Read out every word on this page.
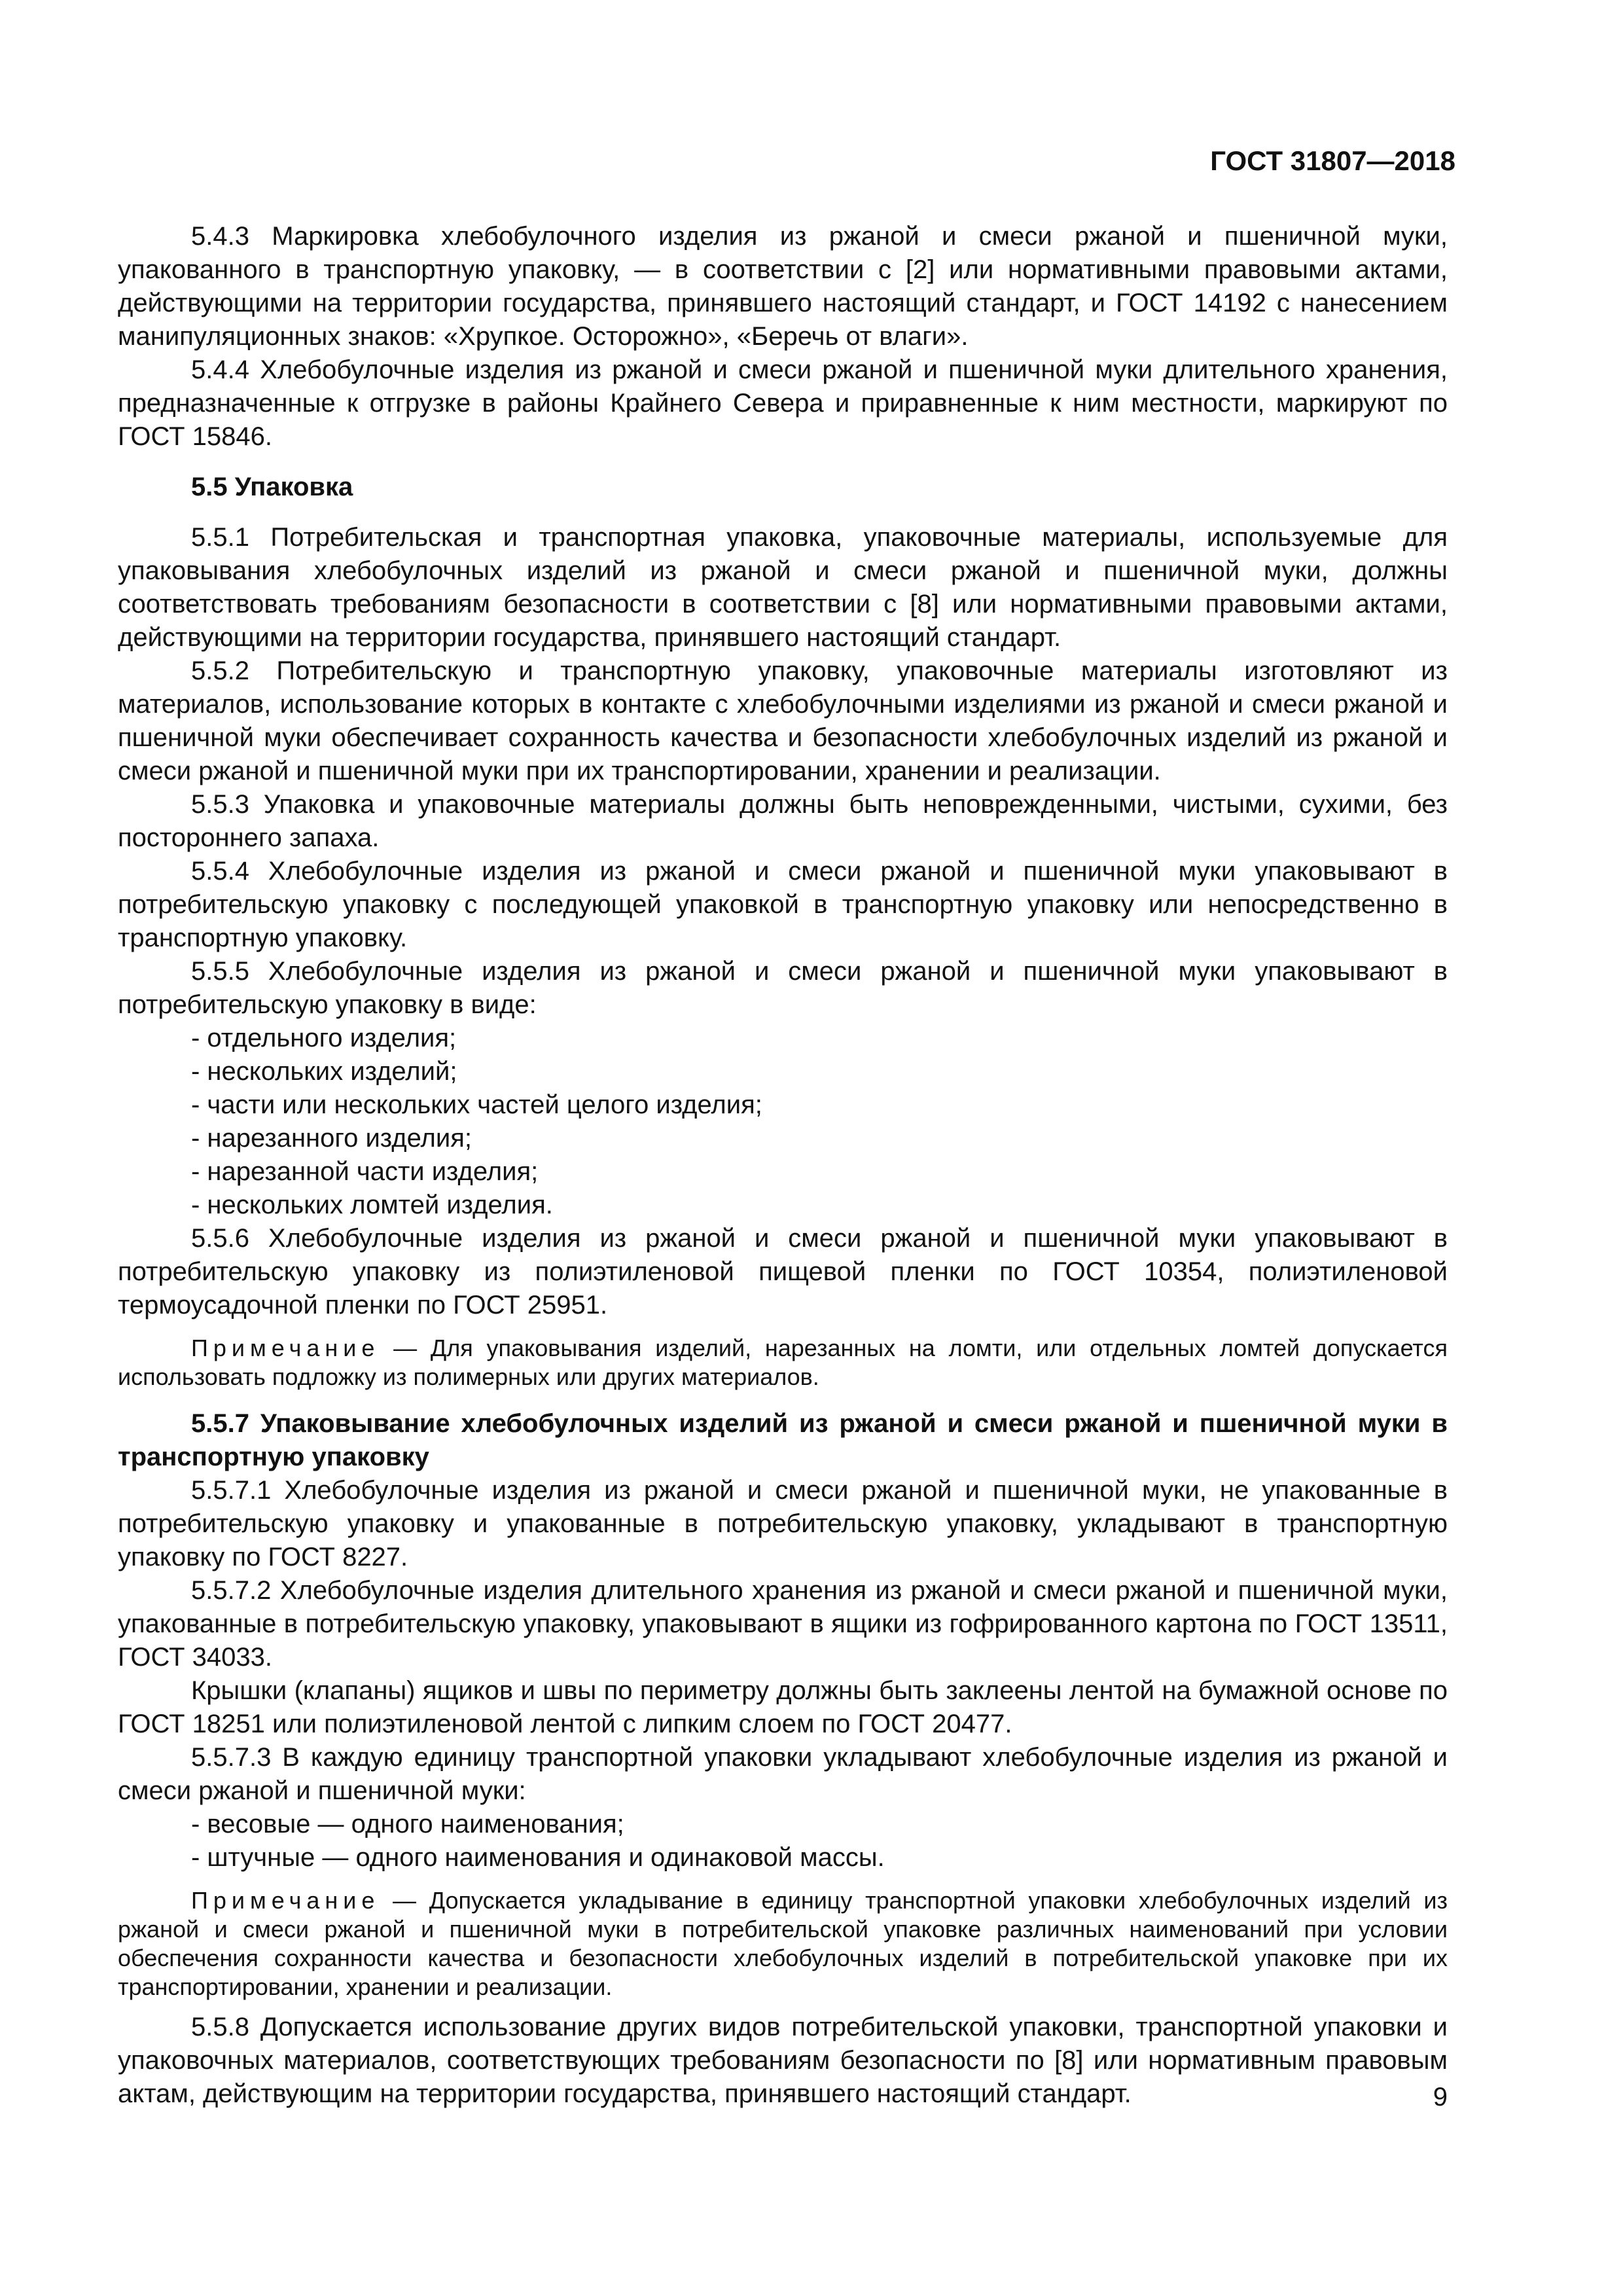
ГОСТ 31807—2018

5.4.3 Маркировка хлебобулочного изделия из ржаной и смеси ржаной и пшеничной муки, упакованного в транспортную упаковку, — в соответствии с [2] или нормативными правовыми актами, действующими на территории государства, принявшего настоящий стандарт, и ГОСТ 14192 с нанесением манипуляционных знаков: «Хрупкое. Осторожно», «Беречь от влаги».

5.4.4 Хлебобулочные изделия из ржаной и смеси ржаной и пшеничной муки длительного хранения, предназначенные к отгрузке в районы Крайнего Севера и приравненные к ним местности, маркируют по ГОСТ 15846.

5.5 Упаковка

5.5.1 Потребительская и транспортная упаковка, упаковочные материалы, используемые для упаковывания хлебобулочных изделий из ржаной и смеси ржаной и пшеничной муки, должны соответствовать требованиям безопасности в соответствии с [8] или нормативными правовыми актами, действующими на территории государства, принявшего настоящий стандарт.

5.5.2 Потребительскую и транспортную упаковку, упаковочные материалы изготовляют из материалов, использование которых в контакте с хлебобулочными изделиями из ржаной и смеси ржаной и пшеничной муки обеспечивает сохранность качества и безопасности хлебобулочных изделий из ржаной и смеси ржаной и пшеничной муки при их транспортировании, хранении и реализации.

5.5.3 Упаковка и упаковочные материалы должны быть неповрежденными, чистыми, сухими, без постороннего запаха.

5.5.4 Хлебобулочные изделия из ржаной и смеси ржаной и пшеничной муки упаковывают в потребительскую упаковку с последующей упаковкой в транспортную упаковку или непосредственно в транспортную упаковку.

5.5.5 Хлебобулочные изделия из ржаной и смеси ржаной и пшеничной муки упаковывают в потребительскую упаковку в виде:

- отдельного изделия;
- нескольких изделий;
- части или нескольких частей целого изделия;
- нарезанного изделия;
- нарезанной части изделия;
- нескольких ломтей изделия.

5.5.6 Хлебобулочные изделия из ржаной и смеси ржаной и пшеничной муки упаковывают в потребительскую упаковку из полиэтиленовой пищевой пленки по ГОСТ 10354, полиэтиленовой термоусадочной пленки по ГОСТ 25951.

Примечание — Для упаковывания изделий, нарезанных на ломти, или отдельных ломтей допускается использовать подложку из полимерных или других материалов.

5.5.7 Упаковывание хлебобулочных изделий из ржаной и смеси ржаной и пшеничной муки в транспортную упаковку

5.5.7.1 Хлебобулочные изделия из ржаной и смеси ржаной и пшеничной муки, не упакованные в потребительскую упаковку и упакованные в потребительскую упаковку, укладывают в транспортную упаковку по ГОСТ 8227.

5.5.7.2 Хлебобулочные изделия длительного хранения из ржаной и смеси ржаной и пшеничной муки, упакованные в потребительскую упаковку, упаковывают в ящики из гофрированного картона по ГОСТ 13511, ГОСТ 34033.

Крышки (клапаны) ящиков и швы по периметру должны быть заклеены лентой на бумажной основе по ГОСТ 18251 или полиэтиленовой лентой с липким слоем по ГОСТ 20477.

5.5.7.3 В каждую единицу транспортной упаковки укладывают хлебобулочные изделия из ржаной и смеси ржаной и пшеничной муки:

- весовые — одного наименования;
- штучные — одного наименования и одинаковой массы.

Примечание — Допускается укладывание в единицу транспортной упаковки хлебобулочных изделий из ржаной и смеси ржаной и пшеничной муки в потребительской упаковке различных наименований при условии обеспечения сохранности качества и безопасности хлебобулочных изделий в потребительской упаковке при их транспортировании, хранении и реализации.

5.5.8 Допускается использование других видов потребительской упаковки, транспортной упаковки и упаковочных материалов, соответствующих требованиям безопасности по [8] или нормативным правовым актам, действующим на территории государства, принявшего настоящий стандарт.	9
